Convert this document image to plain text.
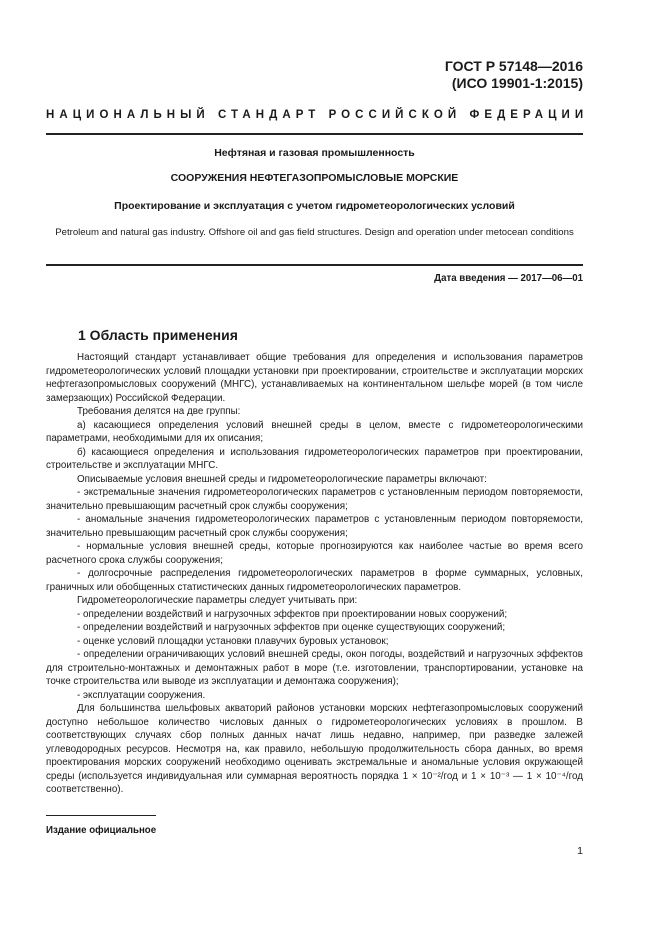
ГОСТ Р 57148—2016
(ИСО 19901-1:2015)
НАЦИОНАЛЬНЫЙ СТАНДАРТ РОССИЙСКОЙ ФЕДЕРАЦИИ
Нефтяная и газовая промышленность
СООРУЖЕНИЯ НЕФТЕГАЗОПРОМЫСЛОВЫЕ МОРСКИЕ
Проектирование и эксплуатация с учетом гидрометеорологических условий
Petroleum and natural gas industry. Offshore oil and gas field structures. Design and operation under metocean conditions
Дата введения — 2017—06—01
1 Область применения

Настоящий стандарт устанавливает общие требования для определения и использования параметров гидрометеорологических условий площадки установки при проектировании, строительстве и эксплуатации морских нефтегазопромысловых сооружений (МНГС), устанавливаемых на континентальном шельфе морей (в том числе замерзающих) Российской Федерации.

Требования делятся на две группы:

а) касающиеся определения условий внешней среды в целом, вместе с гидрометеорологическими параметрами, необходимыми для их описания;

б) касающиеся определения и использования гидрометеорологических параметров при проектировании, строительстве и эксплуатации МНГС.

Описываемые условия внешней среды и гидрометеорологические параметры включают:

- экстремальные значения гидрометеорологических параметров с установленным периодом повторяемости, значительно превышающим расчетный срок службы сооружения;

- аномальные значения гидрометеорологических параметров с установленным периодом повторяемости, значительно превышающим расчетный срок службы сооружения;

- нормальные условия внешней среды, которые прогнозируются как наиболее частые во время всего расчетного срока службы сооружения;

- долгосрочные распределения гидрометеорологических параметров в форме суммарных, условных, граничных или обобщенных статистических данных гидрометеорологических параметров.

Гидрометеорологические параметры следует учитывать при:

- определении воздействий и нагрузочных эффектов при проектировании новых сооружений;

- определении воздействий и нагрузочных эффектов при оценке существующих сооружений;

- оценке условий площадки установки плавучих буровых установок;

- определении ограничивающих условий внешней среды, окон погоды, воздействий и нагрузочных эффектов для строительно-монтажных и демонтажных работ в море (т.е. изготовлении, транспортировании, установке на точке строительства или выводе из эксплуатации и демонтажа сооружения);

- эксплуатации сооружения.

Для большинства шельфовых акваторий районов установки морских нефтегазопромысловых сооружений доступно небольшое количество числовых данных о гидрометеорологических условиях в прошлом. В соответствующих случаях сбор полных данных начат лишь недавно, например, при разведке залежей углеводородных ресурсов. Несмотря на, как правило, небольшую продолжительность сбора данных, во время проектирования морских сооружений необходимо оценивать экстремальные и аномальные условия окружающей среды (используется индивидуальная или суммарная вероятность порядка 1 × 10⁻²/год и 1 × 10⁻³ — 1 × 10⁻⁴/год соответственно).

Издание официальное
1
